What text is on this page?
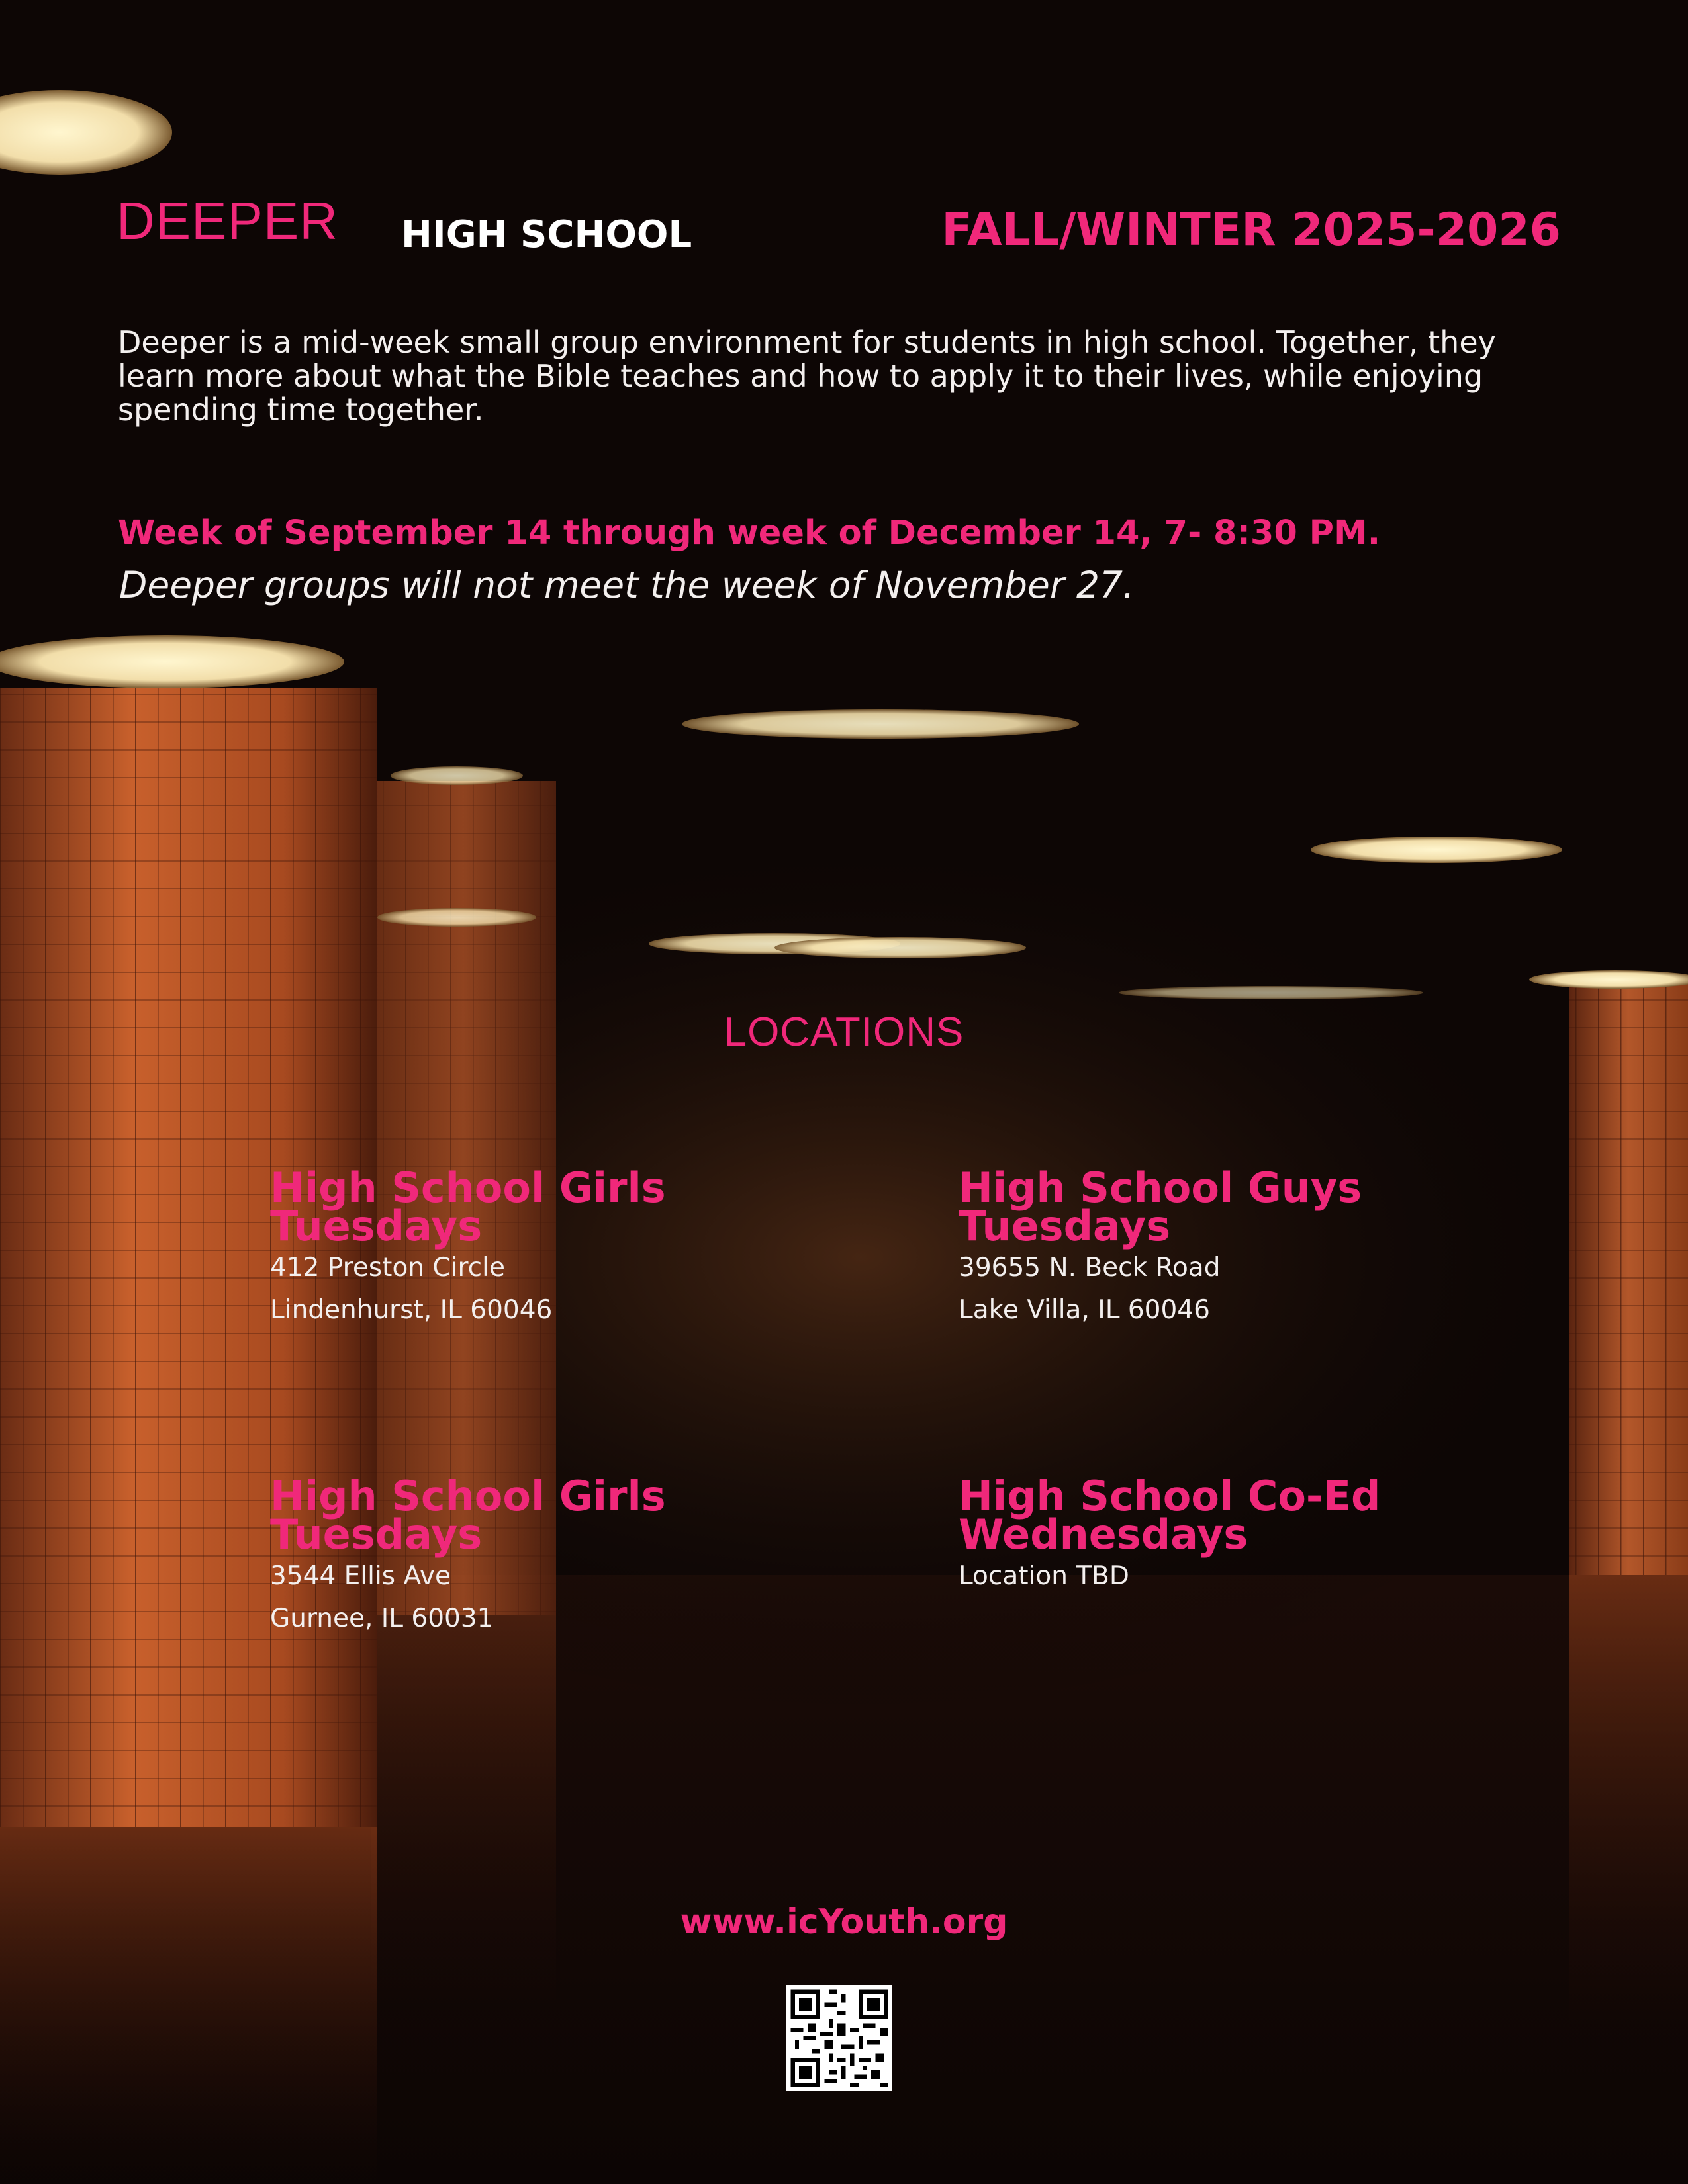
DEEPER HIGH SCHOOL	FALL/WINTER 2025-2026
Deeper is a mid-week small group environment for students in high school. Together, they learn more about what the Bible teaches and how to apply it to their lives, while enjoying spending time together.
Week of September 14 through week of December 14, 7- 8:30 PM.
Deeper groups will not meet the week of November 27.
LOCATIONS
High School Girls
Tuesdays
412 Preston Circle
Lindenhurst, IL 60046
High School Guys
Tuesdays
39655 N. Beck Road
Lake Villa, IL 60046
High School Girls
Tuesdays
3544 Ellis Ave
Gurnee, IL 60031
High School Co-Ed
Wednesdays
Location TBD
www.icYouth.org
